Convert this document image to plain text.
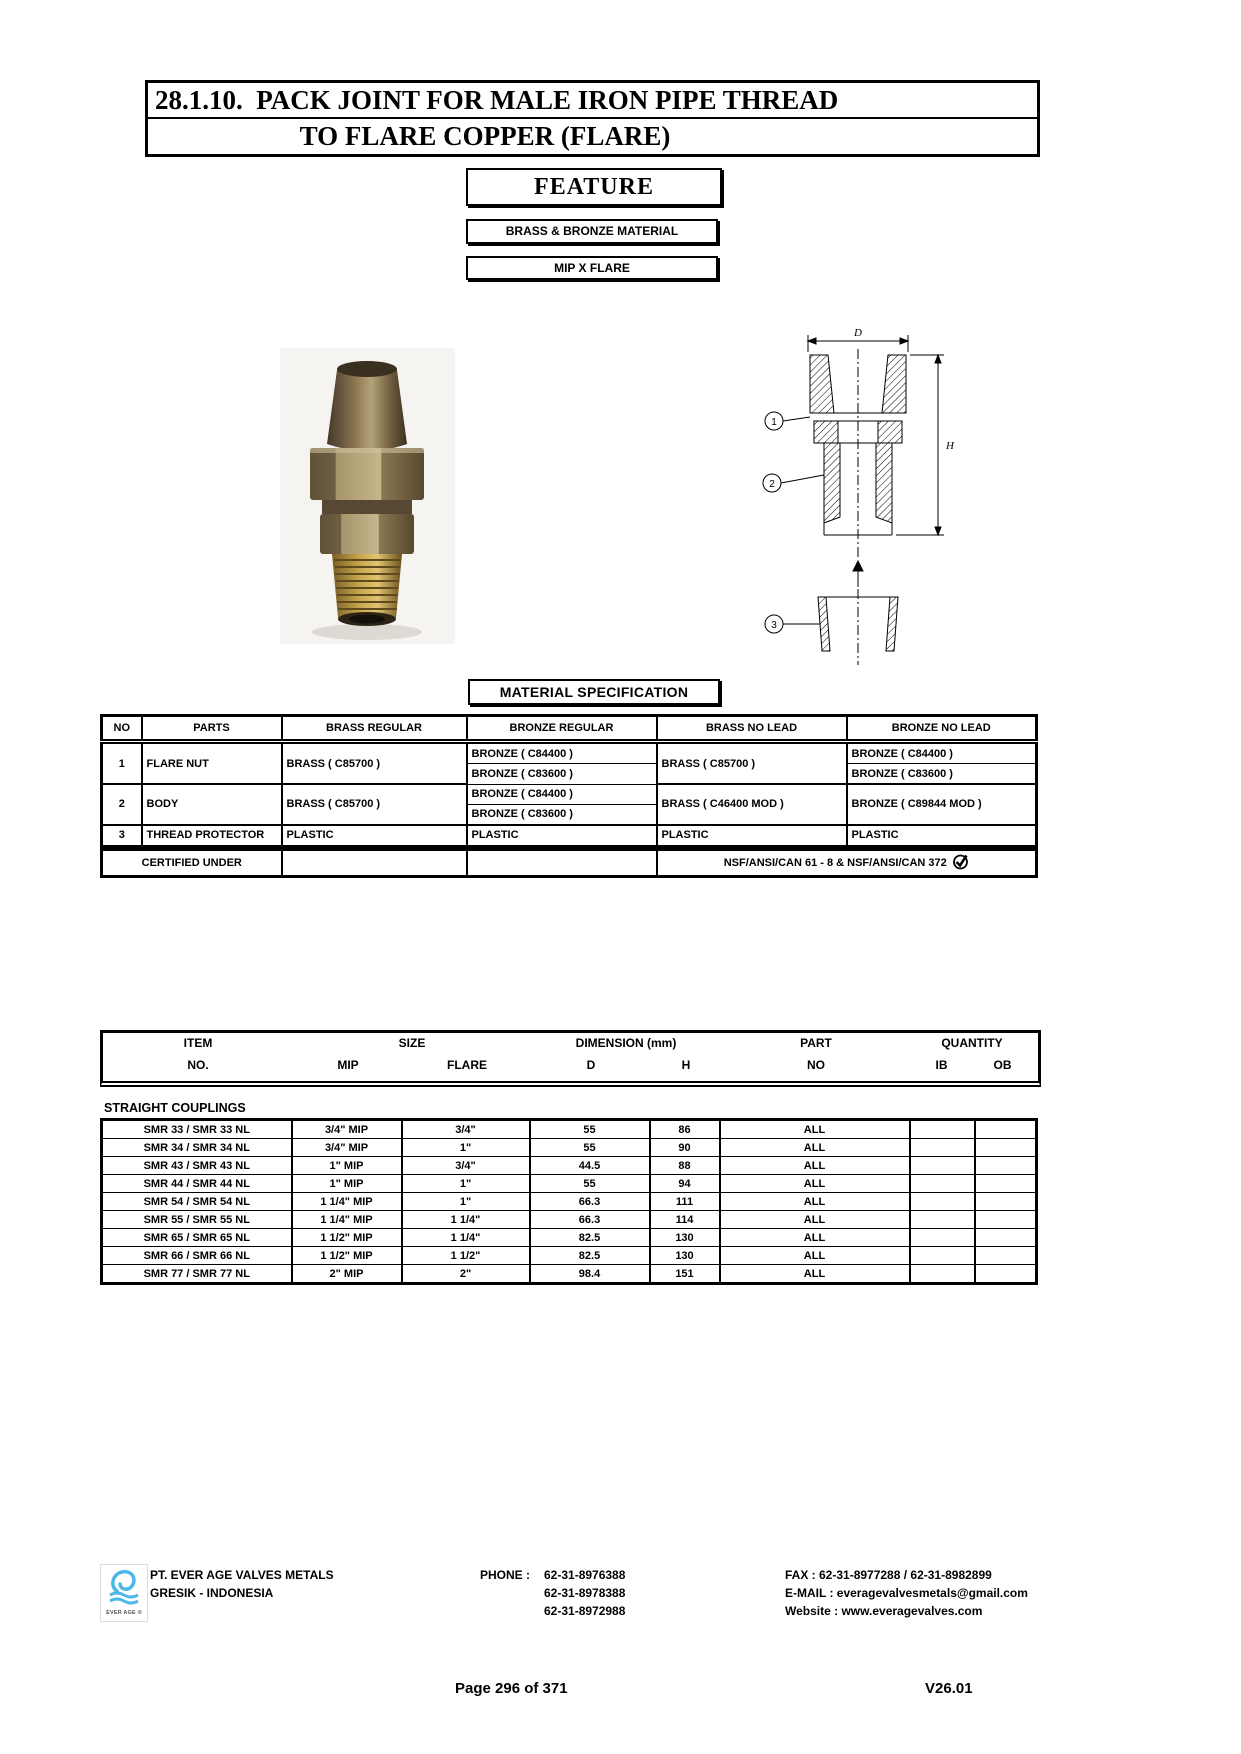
28.1.10.  PACK JOINT FOR MALE IRON PIPE THREAD
TO FLARE COPPER (FLARE)
FEATURE
BRASS & BRONZE MATERIAL
MIP X FLARE
D
H
1
2
3
MATERIAL SPECIFICATION
NO	PARTS	BRASS REGULAR	BRONZE REGULAR	BRASS NO LEAD	BRONZE NO LEAD
1	FLARE NUT	BRASS ( C85700 )	BRONZE ( C84400 )	BRASS ( C85700 )	BRONZE ( C84400 )
			BRONZE ( C83600 )		BRONZE ( C83600 )
2	BODY	BRASS ( C85700 )	BRONZE ( C84400 )	BRASS ( C46400 MOD )	BRONZE ( C89844 MOD )
			BRONZE ( C83600 )		
3	THREAD PROTECTOR	PLASTIC	PLASTIC	PLASTIC	PLASTIC
CERTIFIED UNDER			NSF/ANSI/CAN 61 - 8 & NSF/ANSI/CAN 372
ITEM	SIZE	DIMENSION (mm)	PART	QUANTITY
NO.	MIP	FLARE	D	H	NO	IB	OB
STRAIGHT COUPLINGS
SMR 33 / SMR 33 NL	3/4" MIP	3/4"	55	86	ALL		
SMR 34 / SMR 34 NL	3/4" MIP	1"	55	90	ALL		
SMR 43 / SMR 43 NL	1" MIP	3/4"	44.5	88	ALL		
SMR 44 / SMR 44 NL	1" MIP	1"	55	94	ALL		
SMR 54 / SMR 54 NL	1 1/4" MIP	1"	66.3	111	ALL		
SMR 55 / SMR 55 NL	1 1/4" MIP	1 1/4"	66.3	114	ALL		
SMR 65 / SMR 65 NL	1 1/2" MIP	1 1/4"	82.5	130	ALL		
SMR 66 / SMR 66 NL	1 1/2" MIP	1 1/2"	82.5	130	ALL		
SMR 77 / SMR 77 NL	2" MIP	2"	98.4	151	ALL		
EVER AGE ®
PT. EVER AGE VALVES METALS
GRESIK - INDONESIA
PHONE :	62-31-8976388
62-31-8978388
62-31-8972988
FAX : 62-31-8977288 / 62-31-8982899
E-MAIL : everagevalvesmetals@gmail.com
Website : www.everagevalves.com
Page 296 of 371	V26.01
